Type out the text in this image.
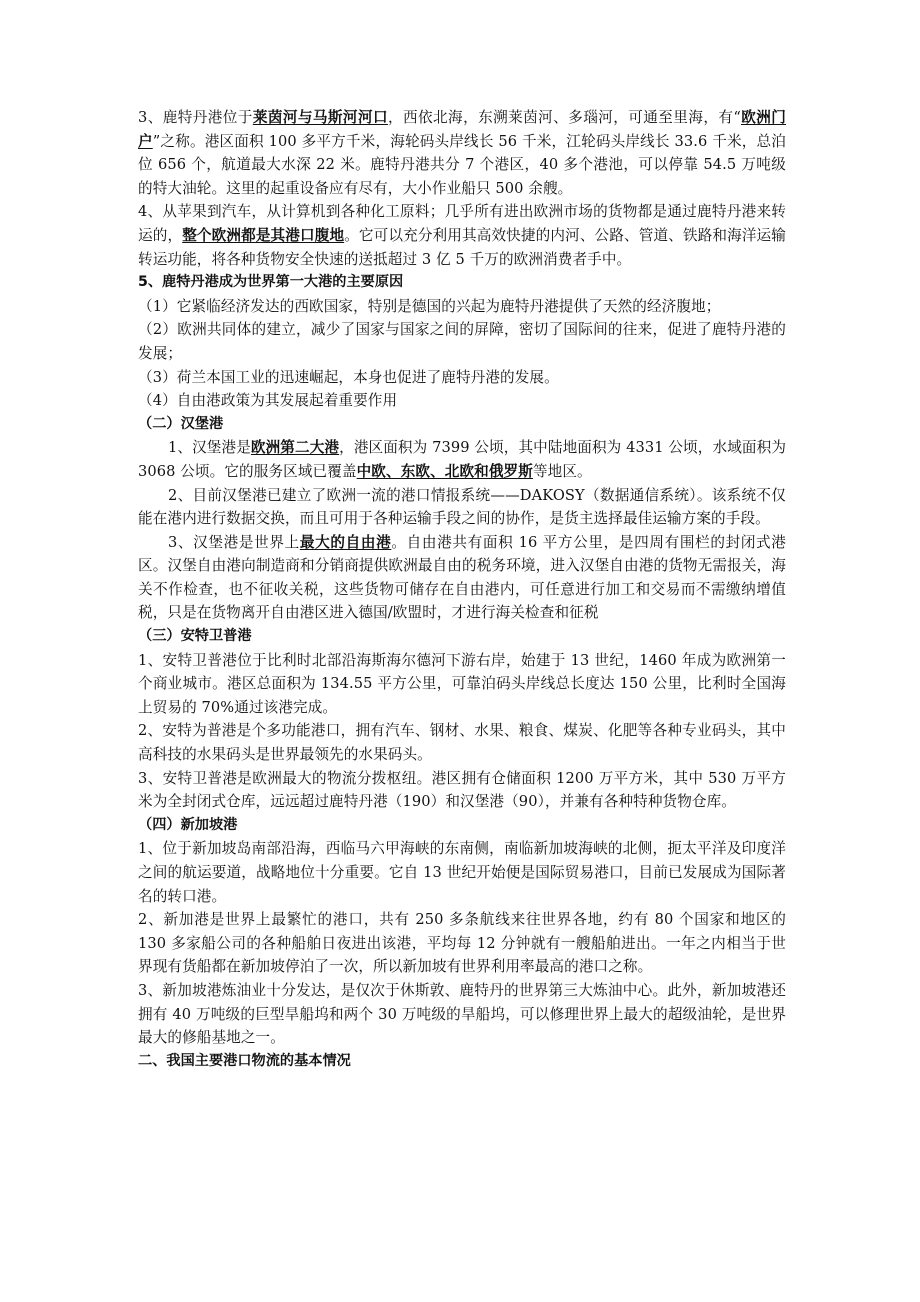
3、鹿特丹港位于莱茵河与马斯河河口，西依北海，东溯莱茵河、多瑙河，可通至里海，有“欧洲门户”之称。港区面积 100 多平方千米，海轮码头岸线长 56 千米，江轮码头岸线长 33.6 千米，总泊位 656 个，航道最大水深 22 米。鹿特丹港共分 7 个港区，40 多个港池，可以停靠 54.5 万吨级的特大油轮。这里的起重设备应有尽有，大小作业船只 500 余艘。

4、从苹果到汽车，从计算机到各种化工原料；几乎所有进出欧洲市场的货物都是通过鹿特丹港来转运的，整个欧洲都是其港口腹地。它可以充分利用其高效快捷的内河、公路、管道、铁路和海洋运输转运功能，将各种货物安全快速的送抵超过 3 亿 5 千万的欧洲消费者手中。

5、鹿特丹港成为世界第一大港的主要原因

（1）它紧临经济发达的西欧国家，特别是德国的兴起为鹿特丹港提供了天然的经济腹地；

（2）欧洲共同体的建立，减少了国家与国家之间的屏障，密切了国际间的往来，促进了鹿特丹港的发展；

（3）荷兰本国工业的迅速崛起，本身也促进了鹿特丹港的发展。

（4）自由港政策为其发展起着重要作用

（二）汉堡港

1、汉堡港是欧洲第二大港，港区面积为 7399 公顷，其中陆地面积为 4331 公顷，水域面积为 3068 公顷。它的服务区域已覆盖中欧、东欧、北欧和俄罗斯等地区。

2、目前汉堡港已建立了欧洲一流的港口情报系统——DAKOSY（数据通信系统）。该系统不仅能在港内进行数据交换，而且可用于各种运输手段之间的协作，是货主选择最佳运输方案的手段。

3、汉堡港是世界上最大的自由港。自由港共有面积 16 平方公里，是四周有围栏的封闭式港区。汉堡自由港向制造商和分销商提供欧洲最自由的税务环境，进入汉堡自由港的货物无需报关，海关不作检查，也不征收关税，这些货物可储存在自由港内，可任意进行加工和交易而不需缴纳增值税，只是在货物离开自由港区进入德国/欧盟时，才进行海关检查和征税

（三）安特卫普港

1、安特卫普港位于比利时北部沿海斯海尔德河下游右岸，始建于 13 世纪，1460 年成为欧洲第一个商业城市。港区总面积为 134.55 平方公里，可靠泊码头岸线总长度达 150 公里，比利时全国海上贸易的 70%通过该港完成。

2、安特为普港是个多功能港口，拥有汽车、钢材、水果、粮食、煤炭、化肥等各种专业码头，其中高科技的水果码头是世界最领先的水果码头。

3、安特卫普港是欧洲最大的物流分拨枢纽。港区拥有仓储面积 1200 万平方米，其中 530 万平方米为全封闭式仓库，远远超过鹿特丹港（190）和汉堡港（90），并兼有各种特种货物仓库。

（四）新加坡港

1、位于新加坡岛南部沿海，西临马六甲海峡的东南侧，南临新加坡海峡的北侧，扼太平洋及印度洋之间的航运要道，战略地位十分重要。它自 13 世纪开始便是国际贸易港口，目前已发展成为国际著名的转口港。

2、新加港是世界上最繁忙的港口，共有 250 多条航线来往世界各地，约有 80 个国家和地区的 130 多家船公司的各种船舶日夜进出该港，平均每 12 分钟就有一艘船舶进出。一年之内相当于世界现有货船都在新加坡停泊了一次，所以新加坡有世界利用率最高的港口之称。

3、新加坡港炼油业十分发达，是仅次于休斯敦、鹿特丹的世界第三大炼油中心。此外，新加坡港还拥有 40 万吨级的巨型旱船坞和两个 30 万吨级的旱船坞，可以修理世界上最大的超级油轮，是世界最大的修船基地之一。

二、我国主要港口物流的基本情况
